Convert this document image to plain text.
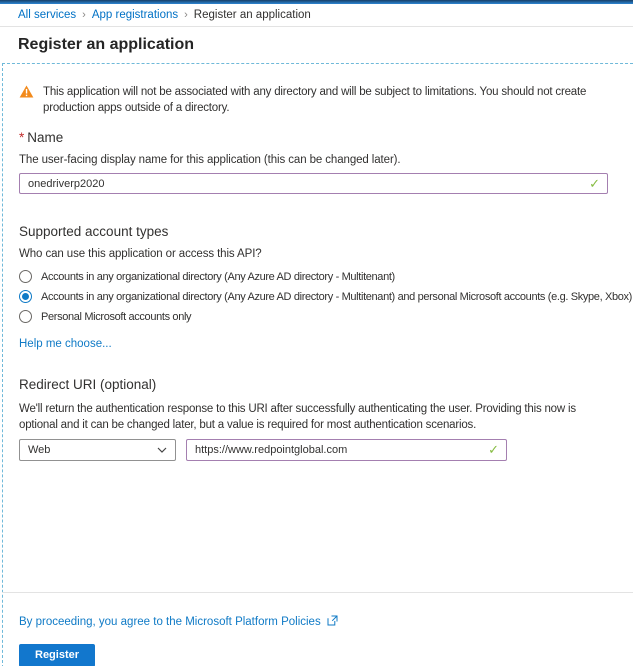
All services › App registrations › Register an application
Register an application
This application will not be associated with any directory and will be subject to limitations. You should not create production apps outside of a directory.
* Name
The user-facing display name for this application (this can be changed later).
onedriverp2020	✓
Supported account types
Who can use this application or access this API?
Accounts in any organizational directory (Any Azure AD directory - Multitenant)
Accounts in any organizational directory (Any Azure AD directory - Multitenant) and personal Microsoft accounts (e.g. Skype, Xbox)
Personal Microsoft accounts only
Help me choose...
Redirect URI (optional)
We'll return the authentication response to this URI after successfully authenticating the user. Providing this now is optional and it can be changed later, but a value is required for most authentication scenarios.
Web	https://www.redpointglobal.com	✓
By proceeding, you agree to the Microsoft Platform Policies
Register
